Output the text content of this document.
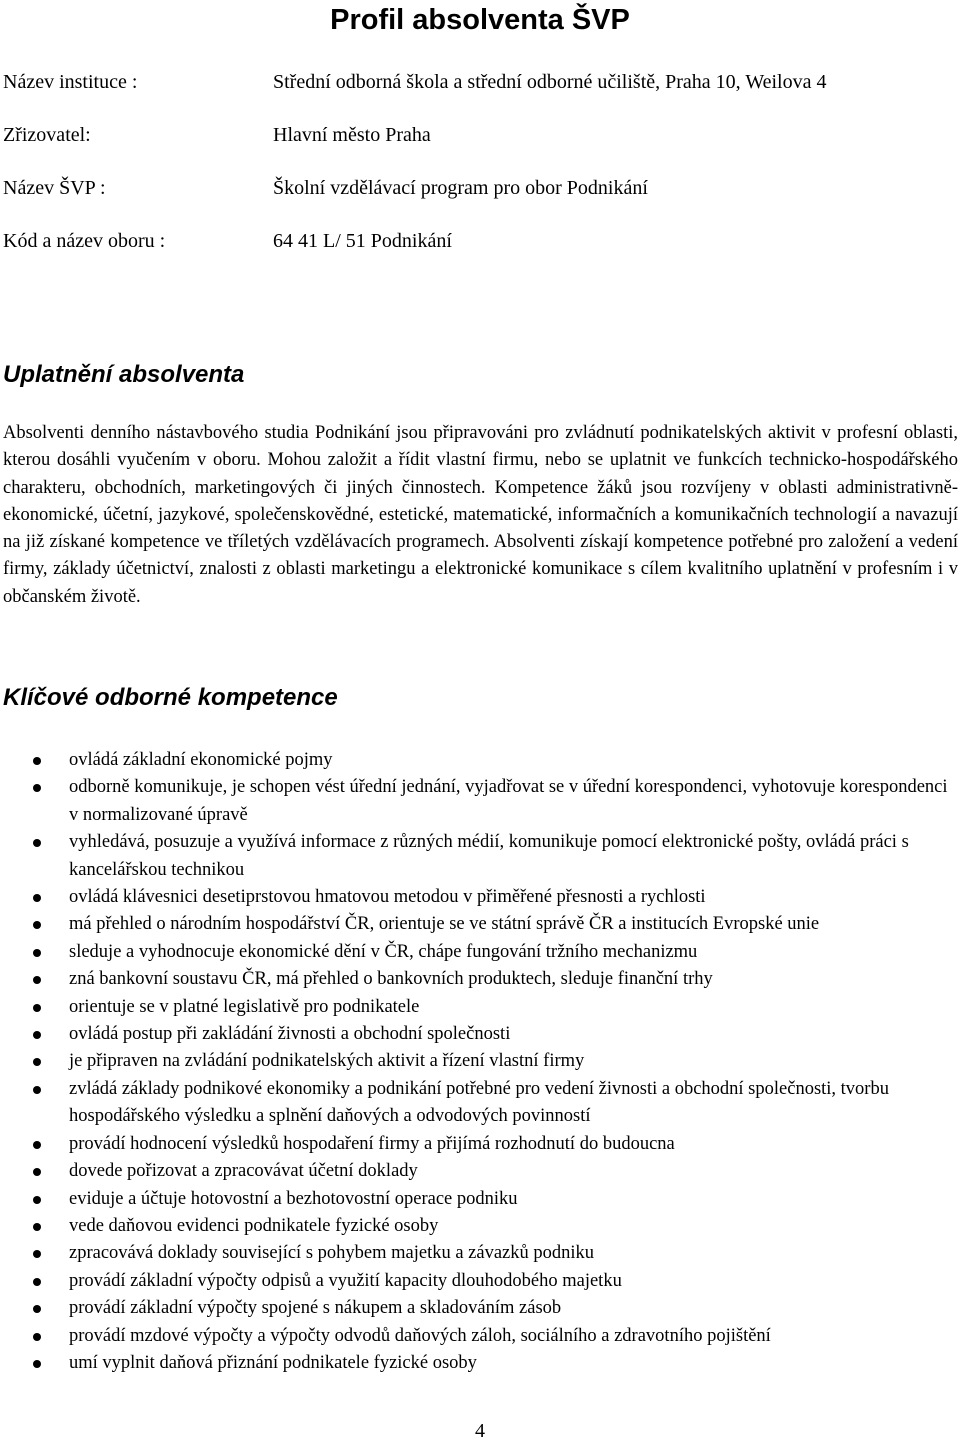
Profil absolventa ŠVP
Název instituce :	Střední odborná škola a střední odborné učiliště, Praha 10, Weilova 4
Zřizovatel:	Hlavní město Praha
Název ŠVP :	Školní vzdělávací program pro obor Podnikání
Kód a název oboru :	64 41 L/ 51 Podnikání
Uplatnění absolventa

Absolventi denního nástavbového studia Podnikání jsou připravováni pro zvládnutí podnikatelských aktivit v profesní oblasti, kterou dosáhli vyučením v oboru. Mohou založit a řídit vlastní firmu, nebo se uplatnit ve funkcích technicko-hospodářského charakteru, obchodních, marketingových či jiných činnostech. Kompetence žáků jsou rozvíjeny v oblasti administrativně-ekonomické, účetní, jazykové, společenskovědné, estetické, matematické, informačních a komunikačních technologií a navazují na již získané kompetence ve tříletých vzdělávacích programech. Absolventi získají kompetence potřebné pro založení a vedení firmy, základy účetnictví, znalosti z oblasti marketingu a elektronické komunikace s cílem kvalitního uplatnění v profesním i v občanském životě.

Klíčové odborné kompetence
ovládá základní ekonomické pojmy
odborně komunikuje, je schopen vést úřední jednání, vyjadřovat se v úřední korespondenci, vyhotovuje korespondenci v normalizované úpravě
vyhledává, posuzuje a využívá informace z různých médií, komunikuje pomocí elektronické pošty, ovládá práci s kancelářskou technikou
ovládá klávesnici desetiprstovou hmatovou metodou v přiměřené přesnosti a rychlosti
má přehled o národním hospodářství ČR, orientuje se ve státní správě ČR a institucích Evropské unie
sleduje a vyhodnocuje ekonomické dění v ČR, chápe fungování tržního mechanizmu
zná bankovní soustavu ČR, má přehled o bankovních produktech, sleduje finanční trhy
orientuje se v platné legislativě pro podnikatele
ovládá postup při zakládání živnosti a obchodní společnosti
je připraven na zvládání podnikatelských aktivit a řízení vlastní firmy
zvládá základy podnikové ekonomiky a podnikání potřebné pro vedení živnosti a obchodní společnosti, tvorbu hospodářského výsledku a splnění daňových a odvodových povinností
provádí hodnocení výsledků hospodaření firmy a přijímá rozhodnutí do budoucna
dovede pořizovat a zpracovávat účetní doklady
eviduje a účtuje hotovostní a bezhotovostní operace podniku
vede daňovou evidenci podnikatele fyzické osoby
zpracovává doklady související s pohybem majetku a závazků podniku
provádí základní výpočty odpisů a využití kapacity dlouhodobého majetku
provádí základní výpočty spojené s nákupem a skladováním zásob
provádí mzdové výpočty a výpočty odvodů daňových záloh, sociálního a zdravotního pojištění
umí vyplnit daňová přiznání podnikatele fyzické osoby
4
